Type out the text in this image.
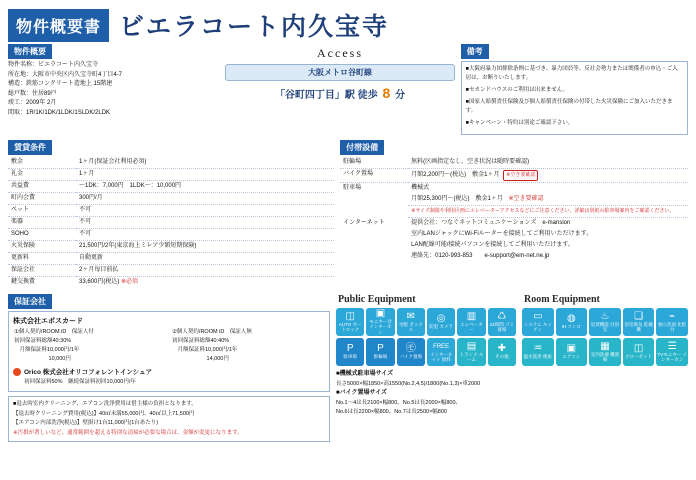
物件概要書 ビエラコート内久宝寺
物件概要
物件名称：ビエラコート内久宝寺
所在地：大阪市中央区内久宝寺町4丁目4-7
構造：鉄筋コンクリート造地上 15階建
総戸数：住居89戸
竣工：2009年 2月
間取：1R/1K/1DK/1LDK/1SLDK/2LDK
Access
大阪メトロ谷町線
「谷町四丁目」駅 徒歩 8 分
備考

■大阪府暴力団排除条例に基づき、暴力団員等、反社会勢力または関係者の申込・ご入居は、お断りいたします。

■セカンドハウスのご利用は出来ません。

■国家人賠償責任保険及び個人賠償責任保険の付帯した火災保険にご加入いただきます。

■キャンペーン・特約は別途ご確認下さい。

賃貸条件
敷金	1ヶ月(保証会社利用必須)
礼金	1ヶ月
共益費	～1DK：7,000円　1LDK～：10,000円
町内会費	300円/月
ペット	不可
楽器	不可
SOHO	不可
火災保険	21,500円/2年(東京海上ミレア少額短期保険)
更新料	自動更新
保証会社	2ヶ月毎目前払
鍵交換費	33,600円(税込) ※必須
付帯設備
駐輪場	無料(区画指定なし、空き状況は随時要確認)
バイク置場	月額2,200円～(税込)　敷金1ヶ月 ※空き要確認
駐車場	機械式
	月額25,300円～(税込)　敷金1ヶ月 ※空き要確認
	※サイズ制限や利用区画にエレベーターアクセスなどにご注意ください。詳細は別紙の駐車場案内をご確認ください。
インターネット	提供会社：つなぐネットコミュニケーションズ　e-mansion
	室内LANジャックにWi-Fiルーターを接続してご利用いただけます。
	LAN配線可能/接続パソコンを接続してご利用いただけます。
	連絡先：0120-993-853　　e-support@em-net.ne.jp
保証会社
株式会社エポスカード
①個人契約/ROOM iD　保証人付
初回保証料総額40:30%
　月額保証料10,000円/1年
　　　　　　 10,000円
②個人契約/ROOM iD　保証人無
初回保証料総額40:40%
　月額保証料10,000円/1年
　　　　　　 14,000円
Orico 株式会社オリコフォレントインシュア
初回保証料50%　継続保証料初回10,000円/年
■退去時室内クリーニング、エアコン洗浄費用は借主様の負担となります。
【退去時クリーニング費用(税込)】40㎡未満55,000円、40㎡以上71,500円
【エアコン内部洗浄(税込)】壁掛け1台11,000円(1台あたり)
※汚損が著しいなど、通常範囲を超える特別な清掃が必要な場合は、金額が変更になります。
Public Equipment
◫
AUTO オートロック
▣
モニター付 インターホン
✉
宅配 ボックス
◎
防犯 カメラ
▥
エレベーター
♺
24時間 ゴミ置場
P
駐車場
P
駐輪場
㋲
バイク置場
FREE
インターネット 無料
▤
トランク ルーム
✚
その他
Room Equipment
▭
システム キッチン
◍
IH コンロ
♨
追焚機能 付浴室
❏
浴室換気 乾燥機
⌁
独立洗面 化粧台
♒
温水洗浄 便座
▣
エアコン
▦
室内洗濯 機置場
◫
クローゼット
☰
TVモニター インターホン
■機械式駐車場サイズ
長さ5000×幅1850×高1550(No.2,4,5)/1800(No.1,3)×車2000
■バイク置場サイズ
No.1～4は長2100×幅800、No.5は長2000×幅800、
No.6は長2200×幅800、No.7は長2500×幅800
